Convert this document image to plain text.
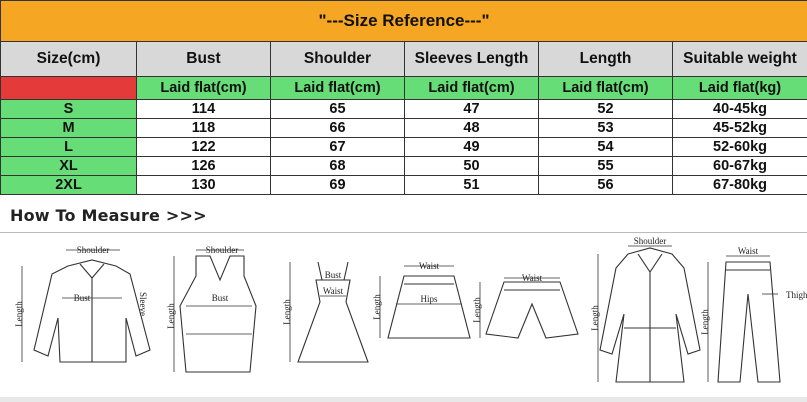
"---Size Reference---"					
Size(cm)	Bust	Shoulder	Sleeves Length	Length	Suitable weight
	Laid flat(cm)	Laid flat(cm)	Laid flat(cm)	Laid flat(cm)	Laid flat(kg)
S	114	65	47	52	40-45kg
M	118	66	48	53	45-52kg
L	122	67	49	54	52-60kg
XL	126	68	50	55	60-67kg
2XL	130	69	51	56	67-80kg
How To Measure >>>
Shoulder
Length
Bust	Sleeve
Shoulder
Bust
Length
Bust
Waist
Length
Waist
Hips
Length
Waist
Length
Shoulder
Length
Waist
Thigh
Length
